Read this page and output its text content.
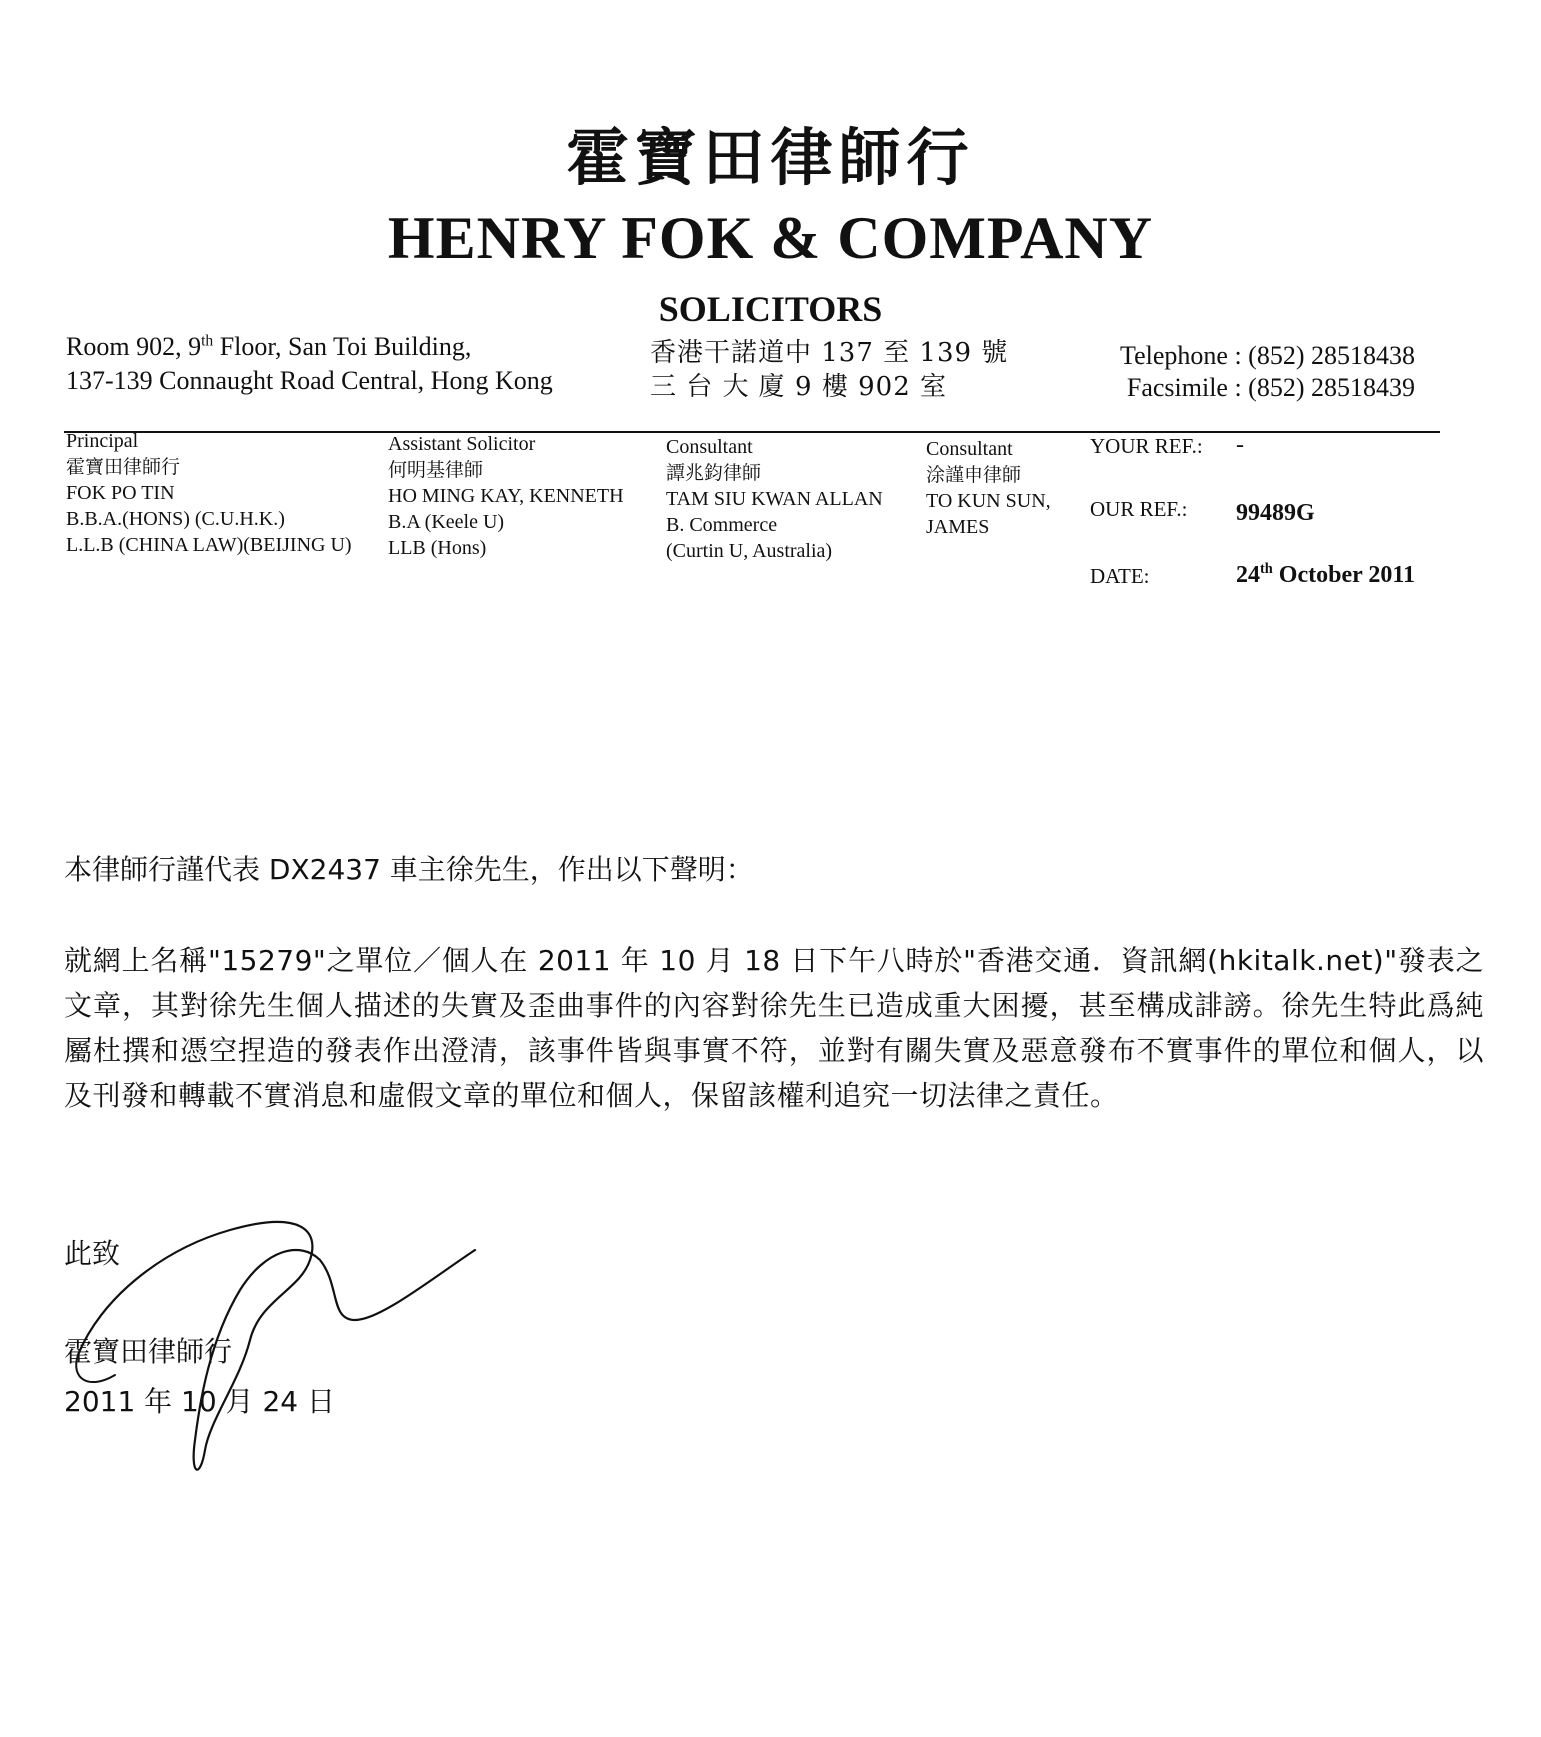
霍寶田律師行
HENRY FOK & COMPANY
SOLICITORS
Room 902, 9th Floor, San Toi Building,
137-139 Connaught Road Central, Hong Kong
香港干諾道中 137 至 139 號
三 台 大 廈 9 樓 902 室
Telephone : (852) 28518438
Facsimile : (852) 28518439
Principal
霍寶田律師行
FOK PO TIN
B.B.A.(HONS) (C.U.H.K.)
L.L.B (CHINA LAW)(BEIJING U)
Assistant Solicitor
何明基律師
HO MING KAY, KENNETH
B.A (Keele U)
LLB (Hons)
Consultant
譚兆鈞律師
TAM SIU KWAN ALLAN
B. Commerce
(Curtin U, Australia)
Consultant
涂謹申律師
TO KUN SUN,
JAMES
YOUR REF.: -
OUR REF.: 99489G
DATE:	24th October 2011
本律師行謹代表 DX2437 車主徐先生，作出以下聲明：
就網上名稱"15279"之單位／個人在 2011 年 10 月 18 日下午八時於"香港交通．資訊網(hkitalk.net)"發表之文章，其對徐先生個人描述的失實及歪曲事件的內容對徐先生已造成重大困擾，甚至構成誹謗。徐先生特此爲純屬杜撰和憑空捏造的發表作出澄清，該事件皆與事實不符，並對有關失實及惡意發布不實事件的單位和個人，以及刊發和轉載不實消息和虛假文章的單位和個人，保留該權利追究一切法律之責任。
此致
霍寶田律師行
2011 年 10 月 24 日
